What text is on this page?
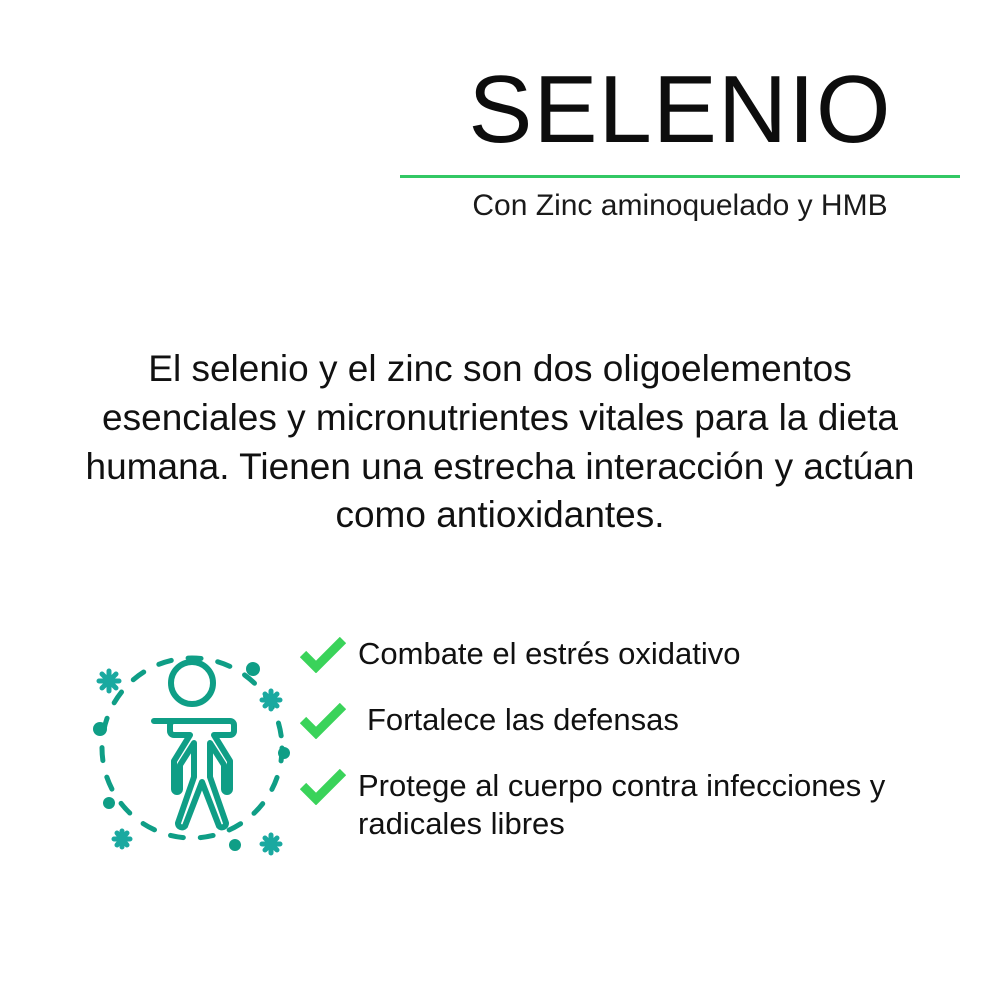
SELENIO
Con Zinc aminoquelado y HMB
El selenio y el zinc son dos oligoelementos esenciales y micronutrientes vitales para la dieta humana. Tienen una estrecha interacción y actúan como antioxidantes.
Combate el estrés oxidativo
Fortalece las defensas
Protege al cuerpo contra infecciones y radicales libres
